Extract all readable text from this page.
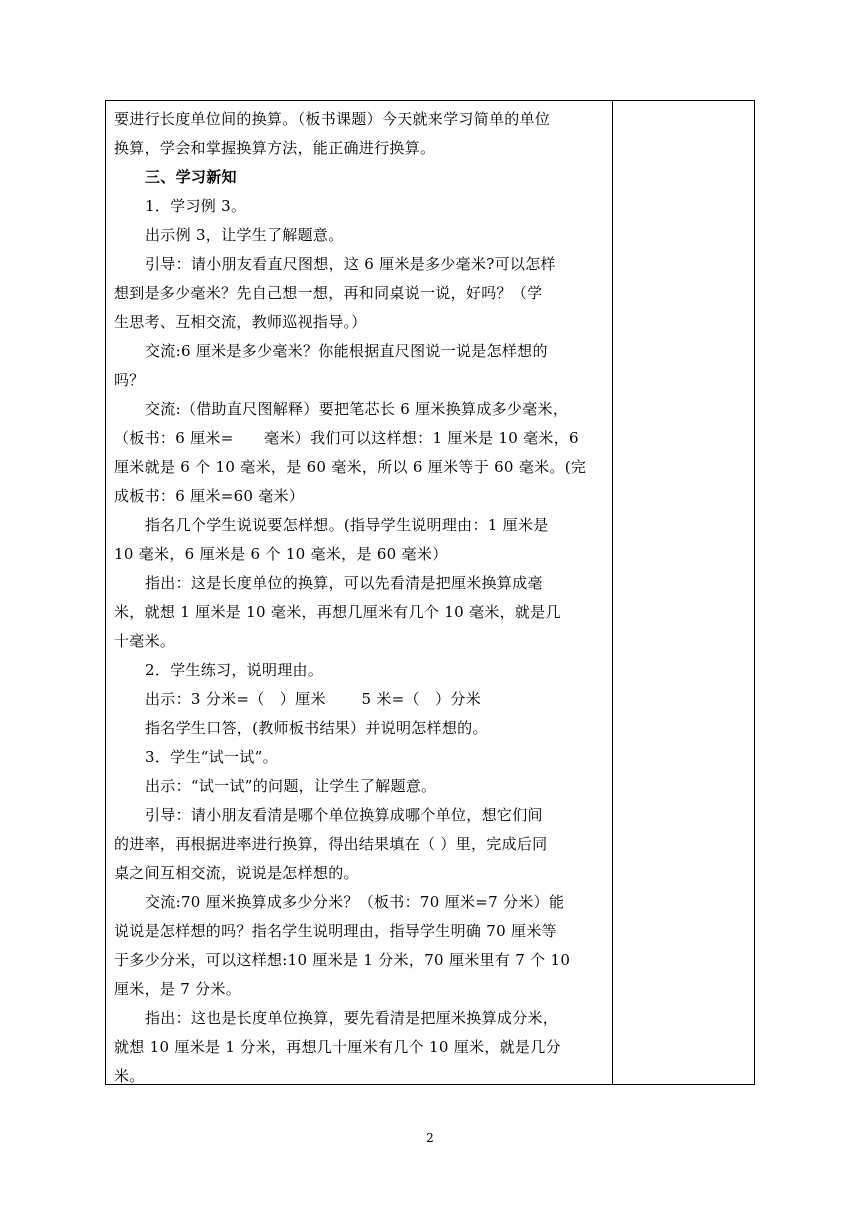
要进行长度单位间的换算。（板书课题）今天就来学习简单的单位

换算，学会和掌握换算方法，能正确进行换算。

三、学习新知

1．学习例 3。

出示例 3，让学生了解题意。

引导：请小朋友看直尺图想，这 6 厘米是多少毫米?可以怎样

想到是多少毫米？先自己想一想，再和同桌说一说，好吗？（学

生思考、互相交流，教师巡视指导。）

交流:6 厘米是多少毫米？你能根据直尺图说一说是怎样想的

吗？

交流:（借助直尺图解释）要把笔芯长 6 厘米换算成多少毫米，

（板书：6 厘米=　　毫米）我们可以这样想：1 厘米是 10 毫米，6

厘米就是 6 个 10 毫米，是 60 毫米，所以 6 厘米等于 60 毫米。(完

成板书：6 厘米=60 毫米）

指名几个学生说说要怎样想。(指导学生说明理由：1 厘米是

10 毫米，6 厘米是 6 个 10 毫米，是 60 毫米）

指出：这是长度单位的换算，可以先看清是把厘米换算成毫

米，就想 1 厘米是 10 毫米，再想几厘米有几个 10 毫米，就是几

十毫米。

2．学生练习，说明理由。

出示：3 分米=（　）厘米　　 5 米=（　）分米

指名学生口答，(教师板书结果）并说明怎样想的。

3．学生“试一试”。

出示：“试一试”的问题，让学生了解题意。

引导：请小朋友看清是哪个单位换算成哪个单位，想它们间

的进率，再根据进率进行换算，得出结果填在（ ）里，完成后同

桌之间互相交流，说说是怎样想的。

交流:70 厘米换算成多少分米？（板书：70 厘米=7 分米）能

说说是怎样想的吗？指名学生说明理由，指导学生明确 70 厘米等

于多少分米，可以这样想:10 厘米是 1 分米，70 厘米里有 7 个 10

厘米，是 7 分米。

指出：这也是长度单位换算，要先看清是把厘米换算成分米，

就想 10 厘米是 1 分米，再想几十厘米有几个 10 厘米，就是几分

米。

2
